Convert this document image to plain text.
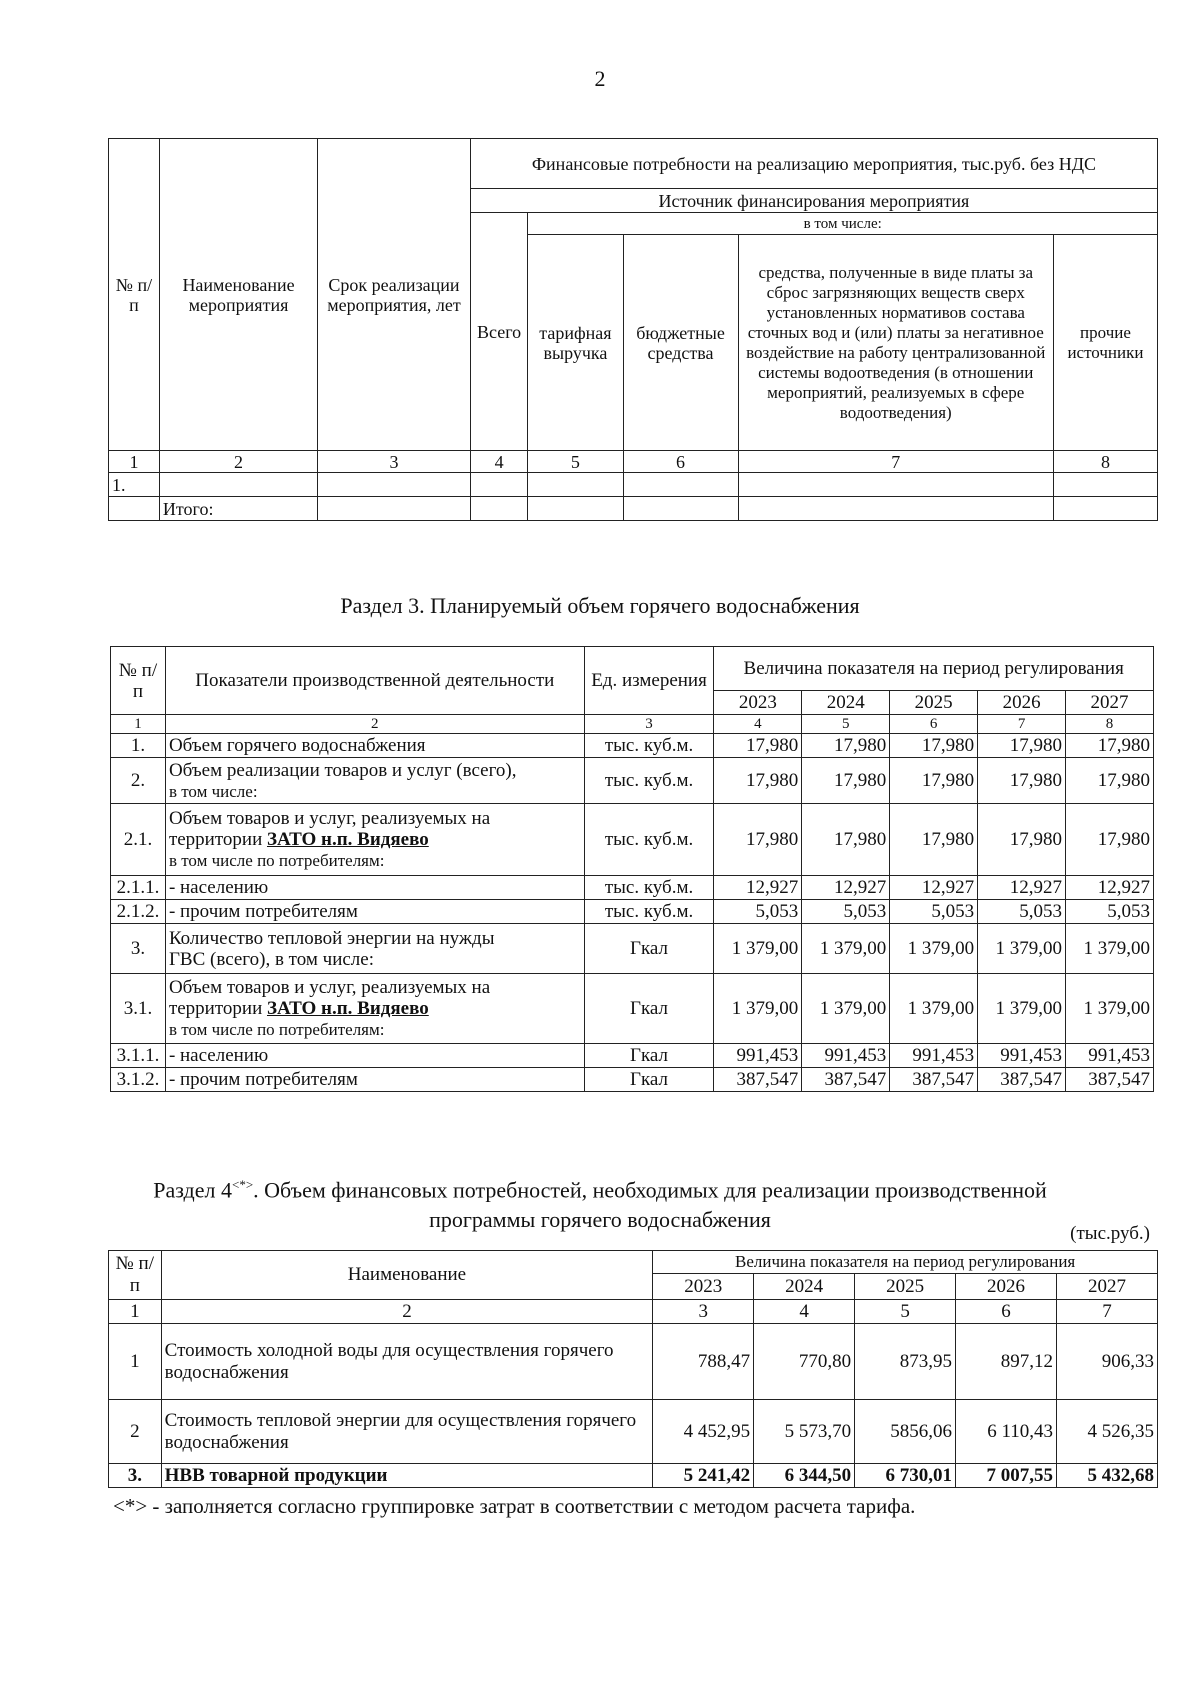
2
№ п/п	Наименование мероприятия	Срок реализации мероприятия, лет	Финансовые потребности на реализацию мероприятия, тыс.руб. без НДС				
			Источник финансирования мероприятия				
			Всего	в том числе:			
				тарифная выручка	бюджетные средства	средства, полученные в виде платы за сброс загрязняющих веществ сверх установленных нормативов состава сточных вод и (или) платы за негативное воздействие на работу централизованной системы водоотведения (в отношении мероприятий, реализуемых в сфере водоотведения)	прочие источники
1	2	3	4	5	6	7	8
1.							
	Итого:						
Раздел 3. Планируемый объем горячего водоснабжения
№ п/п	Показатели производственной деятельности	Ед. измерения	Величина показателя на период регулирования				
			2023	2024	2025	2026	2027
1	2	3	4	5	6	7	8
1.	Объем горячего водоснабжения	тыс. куб.м.	17,980	17,980	17,980	17,980	17,980
2.	Объем реализации товаров и услуг (всего),
в том числе:	тыс. куб.м.	17,980	17,980	17,980	17,980	17,980
2.1.	Объем товаров и услуг, реализуемых на
территории ЗАТО н.п. Видяево
в том числе по потребителям:	тыс. куб.м.	17,980	17,980	17,980	17,980	17,980
2.1.1.	- населению	тыс. куб.м.	12,927	12,927	12,927	12,927	12,927
2.1.2.	- прочим потребителям	тыс. куб.м.	5,053	5,053	5,053	5,053	5,053
3.	Количество тепловой энергии на нужды
ГВС (всего), в том числе:	Гкал	1 379,00	1 379,00	1 379,00	1 379,00	1 379,00
3.1.	Объем товаров и услуг, реализуемых на
территории ЗАТО н.п. Видяево
в том числе по потребителям:	Гкал	1 379,00	1 379,00	1 379,00	1 379,00	1 379,00
3.1.1.	- населению	Гкал	991,453	991,453	991,453	991,453	991,453
3.1.2.	- прочим потребителям	Гкал	387,547	387,547	387,547	387,547	387,547
Раздел 4<*>. Объем финансовых потребностей, необходимых для реализации производственной
программы горячего водоснабжения
(тыс.руб.)
№ п/п	Наименование	Величина показателя на период регулирования				
		2023	2024	2025	2026	2027
1	2	3	4	5	6	7
1	Стоимость холодной воды для осуществления горячего водоснабжения	788,47	770,80	873,95	897,12	906,33
2	Стоимость тепловой энергии для осуществления горячего водоснабжения	4 452,95	5 573,70	5856,06	6 110,43	4 526,35
3.	НВВ товарной продукции	5 241,42	6 344,50	6 730,01	7 007,55	5 432,68
<*> - заполняется согласно группировке затрат в соответствии с методом расчета тарифа.
